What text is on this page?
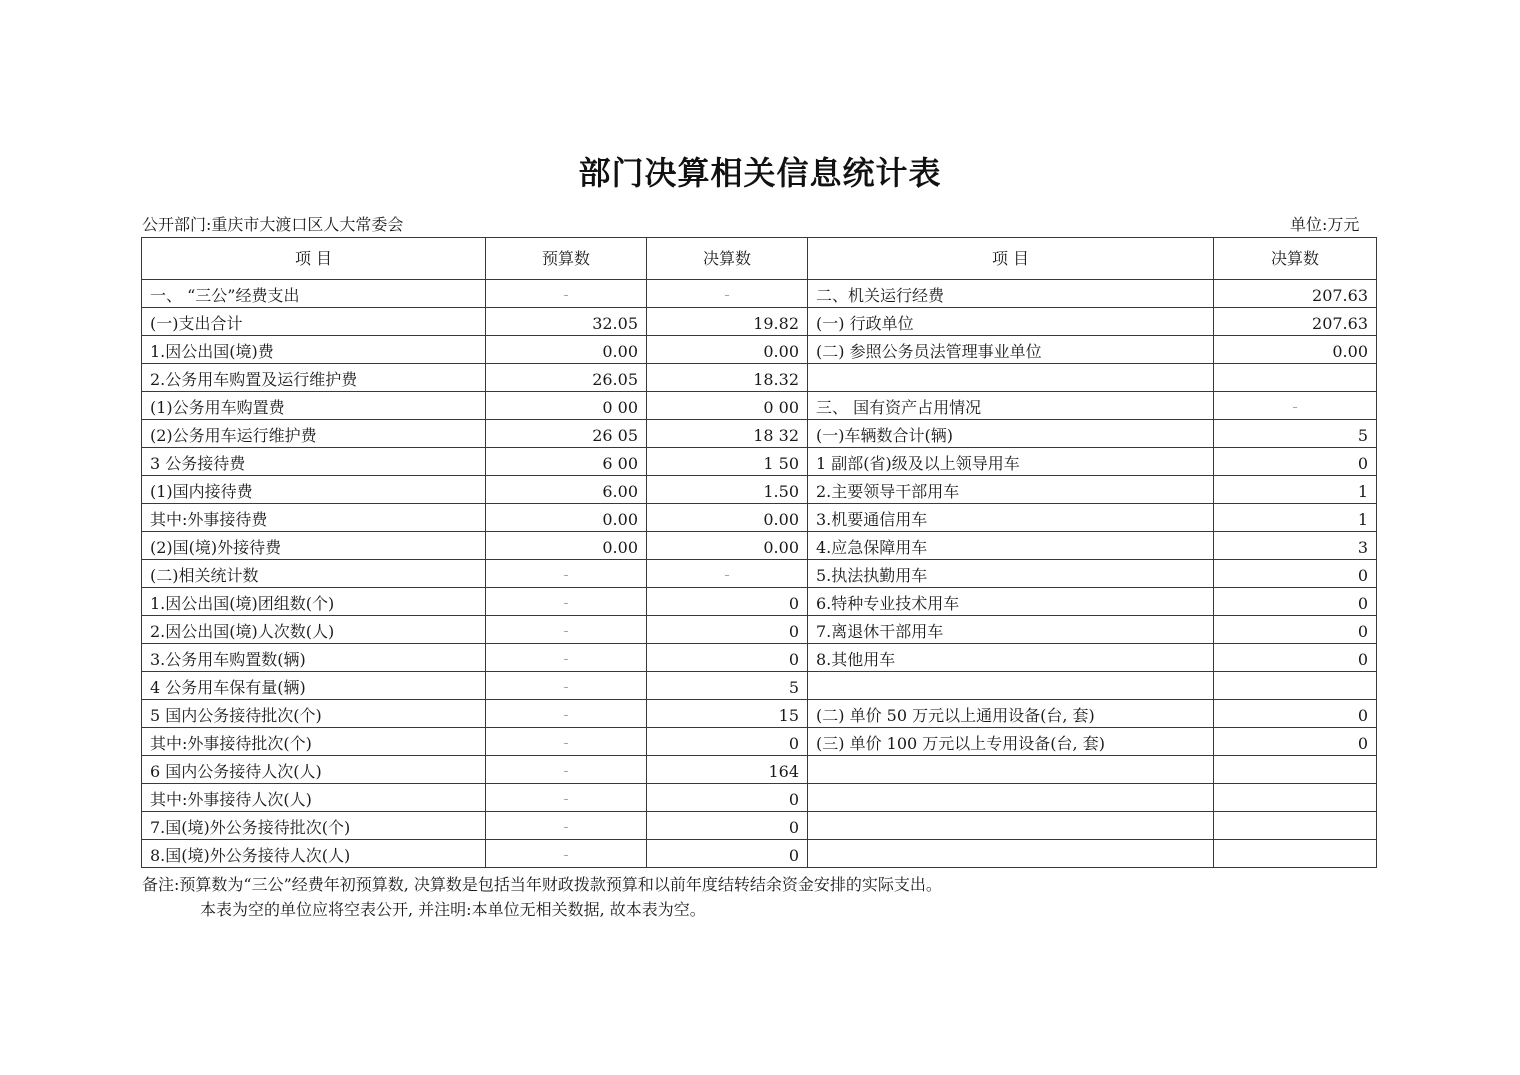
部门决算相关信息统计表
公开部门:重庆市大渡口区人大常委会	单位:万元
项 目	预算数	决算数	项 目	决算数
一、 “三公”经费支出	–	–	二、机关运行经费	207.63
(一)支出合计	32.05	19.82	(一) 行政单位	207.63
1.因公出国(境)费	0.00	0.00	(二) 参照公务员法管理事业单位	0.00
2.公务用车购置及运行维护费	26.05	18.32		
(1)公务用车购置费	0 00	0 00	三、 国有资产占用情况	–
(2)公务用车运行维护费	26 05	18 32	(一)车辆数合计(辆)	5
3 公务接待费	6 00	1 50	1 副部(省)级及以上领导用车	0
(1)国内接待费	6.00	1.50	2.主要领导干部用车	1
其中:外事接待费	0.00	0.00	3.机要通信用车	1
(2)国(境)外接待费	0.00	0.00	4.应急保障用车	3
(二)相关统计数	–	–	5.执法执勤用车	0
1.因公出国(境)团组数(个)	–	0	6.特种专业技术用车	0
2.因公出国(境)人次数(人)	–	0	7.离退休干部用车	0
3.公务用车购置数(辆)	–	0	8.其他用车	0
4 公务用车保有量(辆)	–	5		
5 国内公务接待批次(个)	–	15	(二) 单价 50 万元以上通用设备(台, 套)	0
其中:外事接待批次(个)	–	0	(三) 单价 100 万元以上专用设备(台, 套)	0
6 国内公务接待人次(人)	–	164		
其中:外事接待人次(人)	–	0		
7.国(境)外公务接待批次(个)	–	0		
8.国(境)外公务接待人次(人)	–	0		
备注:预算数为“三公”经费年初预算数, 决算数是包括当年财政拨款预算和以前年度结转结余资金安排的实际支出。
本表为空的单位应将空表公开, 并注明:本单位无相关数据, 故本表为空。
